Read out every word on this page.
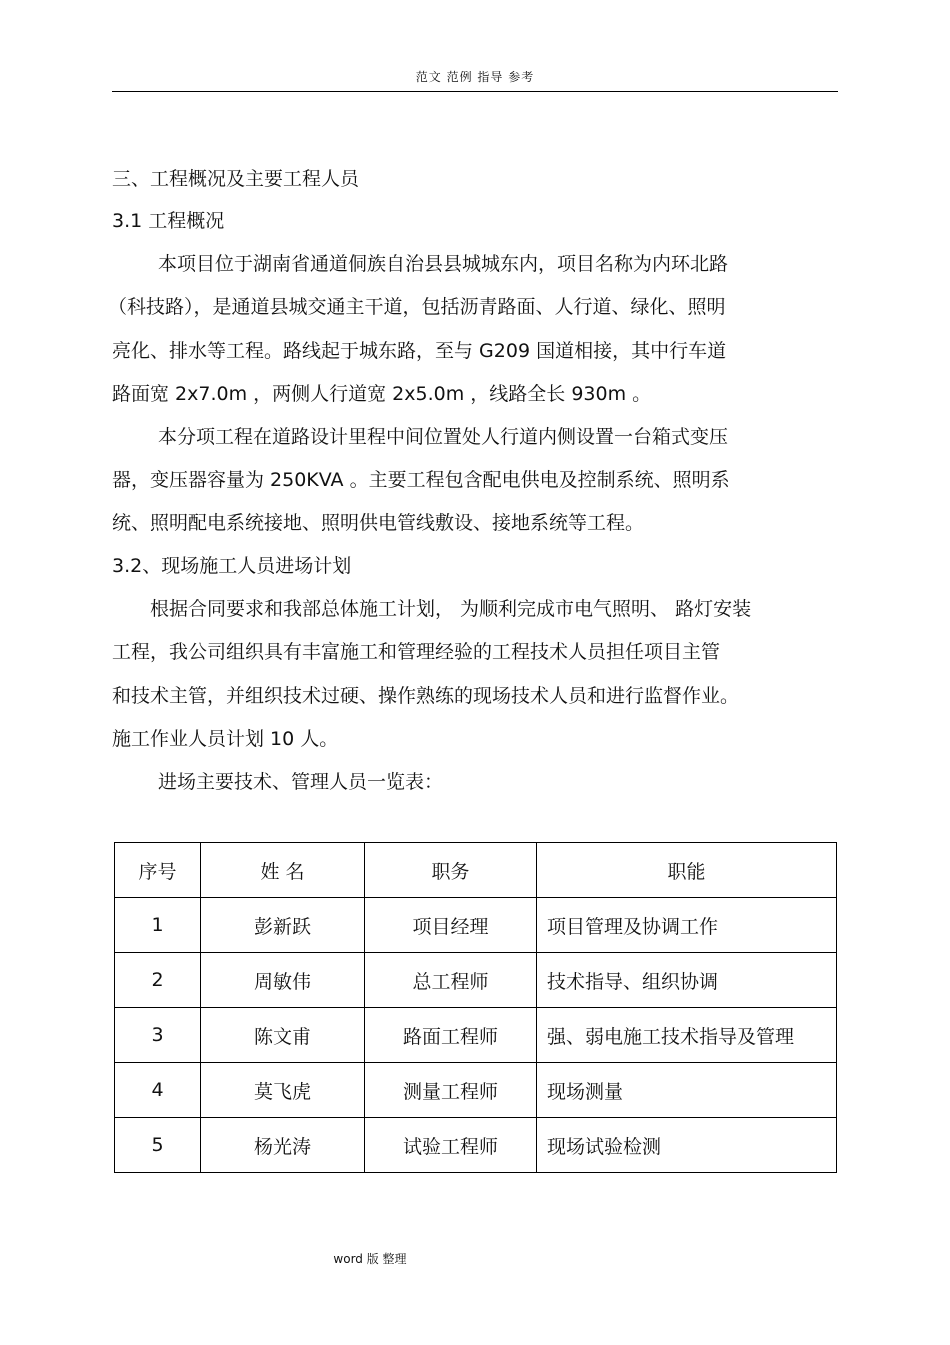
范文 范例 指导 参考
三、工程概况及主要工程人员
3.1 工程概况
本项目位于湖南省通道侗族自治县县城城东内，项目名称为内环北路
（科技路），是通道县城交通主干道，包括沥青路面、人行道、绿化、照明
亮化、排水等工程。路线起于城东路，至与 G209 国道相接，其中行车道
路面宽 2x7.0m ，两侧人行道宽 2x5.0m ，线路全长 930m 。
本分项工程在道路设计里程中间位置处人行道内侧设置一台箱式变压
器，变压器容量为 250KVA 。主要工程包含配电供电及控制系统、照明系
统、照明配电系统接地、照明供电管线敷设、接地系统等工程。
3.2、现场施工人员进场计划
根据合同要求和我部总体施工计划， 为顺利完成市电气照明、 路灯安装
工程，我公司组织具有丰富施工和管理经验的工程技术人员担任项目主管
和技术主管，并组织技术过硬、操作熟练的现场技术人员和进行监督作业。
施工作业人员计划 10 人。
进场主要技术、管理人员一览表：
序号	姓 名	职务	职能
1	彭新跃	项目经理	项目管理及协调工作
2	周敏伟	总工程师	技术指导、组织协调
3	陈文甫	路面工程师	强、弱电施工技术指导及管理
4	莫飞虎	测量工程师	现场测量
5	杨光涛	试验工程师	现场试验检测
word 版 整理
